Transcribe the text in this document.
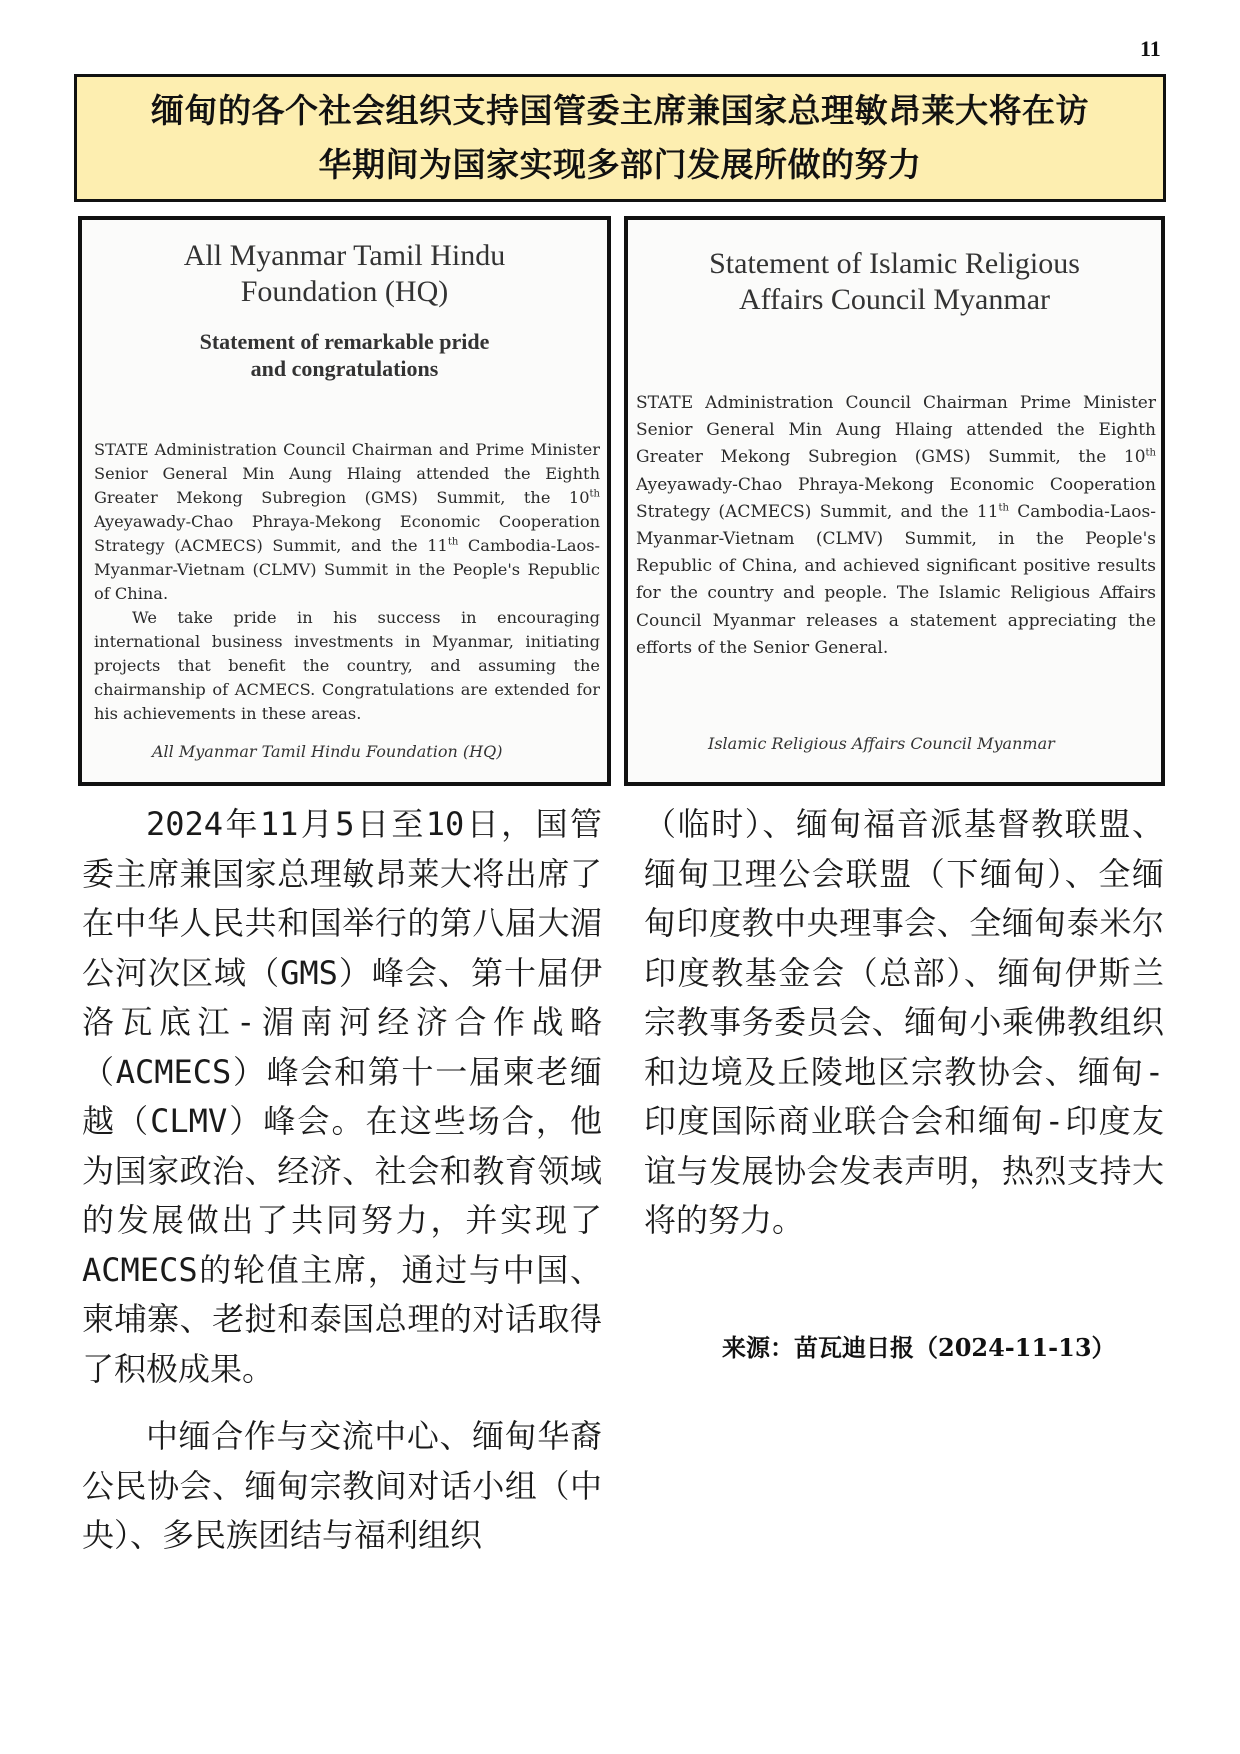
11
缅甸的各个社会组织支持国管委主席兼国家总理敏昂莱大将在访
华期间为国家实现多部门发展所做的努力

All Myanmar Tamil Hindu

Foundation (HQ)

Statement of remarkable pride

and congratulations

STATE Administration Council Chairman and Prime Minister Senior General Min Aung Hlaing attended the Eighth Greater Mekong Subregion (GMS) Summit, the 10th Ayeyawady-Chao Phraya-Mekong Economic Cooperation Strategy (ACMECS) Summit, and the 11th Cambodia-Laos-Myanmar-Vietnam (CLMV) Summit in the People's Republic of China.

We take pride in his success in encouraging international business investments in Myanmar, initiating projects that benefit the country, and assuming the chairmanship of ACMECS. Congratulations are extended for his achievements in these areas.

All Myanmar Tamil Hindu Foundation (HQ)

Statement of Islamic Religious

Affairs Council Myanmar

STATE Administration Council Chairman Prime Minister Senior General Min Aung Hlaing attended the Eighth Greater Mekong Subregion (GMS) Summit, the 10th Ayeyawady-Chao Phraya-Mekong Economic Cooperation Strategy (ACMECS) Summit, and the 11th Cambodia-Laos-Myanmar-Vietnam (CLMV) Summit, in the People's Republic of China, and achieved significant positive results for the country and people. The Islamic Religious Affairs Council Myanmar releases a statement appreciating the efforts of the Senior General.

Islamic Religious Affairs Council Myanmar

2024年11月5日至10日，国管委主席兼国家总理敏昂莱大将出席了在中华人民共和国举行的第八届大湄公河次区域（GMS）峰会、第十届伊洛瓦底江-湄南河经济合作战略（ACMECS）峰会和第十一届柬老缅越（CLMV）峰会。在这些场合，他为国家政治、经济、社会和教育领域的发展做出了共同努力，并实现了ACMECS的轮值主席，通过与中国、柬埔寨、老挝和泰国总理的对话取得了积极成果。

中缅合作与交流中心、缅甸华裔公民协会、缅甸宗教间对话小组（中央）、多民族团结与福利组织

（临时）、缅甸福音派基督教联盟、缅甸卫理公会联盟（下缅甸）、全缅甸印度教中央理事会、全缅甸泰米尔印度教基金会（总部）、缅甸伊斯兰宗教事务委员会、缅甸小乘佛教组织和边境及丘陵地区宗教协会、缅甸-印度国际商业联合会和缅甸-印度友谊与发展协会发表声明，热烈支持大将的努力。

来源：苗瓦迪日报（2024-11-13）
